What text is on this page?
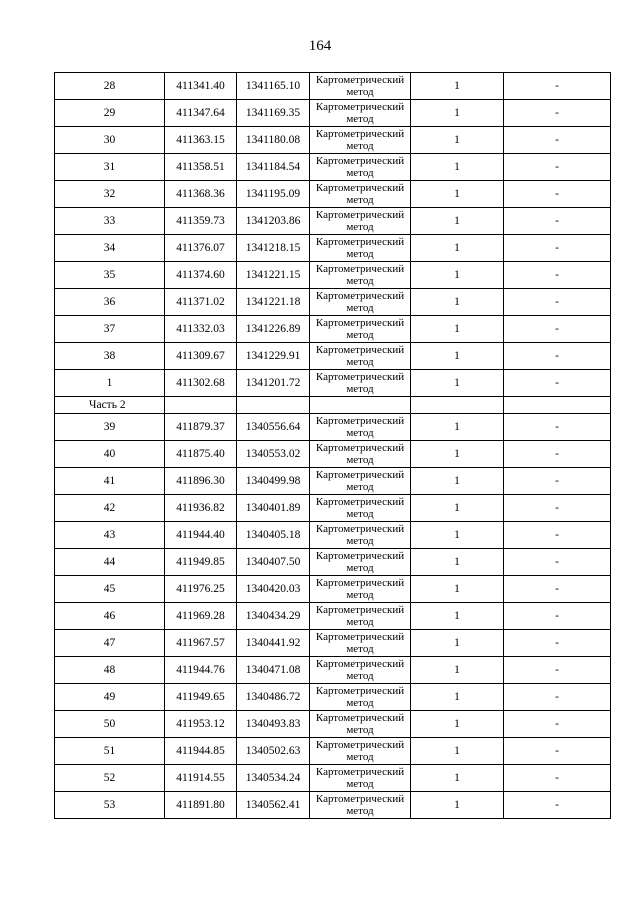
164
28	411341.40	1341165.10	Картометрический метод	1	-
29	411347.64	1341169.35	Картометрический метод	1	-
30	411363.15	1341180.08	Картометрический метод	1	-
31	411358.51	1341184.54	Картометрический метод	1	-
32	411368.36	1341195.09	Картометрический метод	1	-
33	411359.73	1341203.86	Картометрический метод	1	-
34	411376.07	1341218.15	Картометрический метод	1	-
35	411374.60	1341221.15	Картометрический метод	1	-
36	411371.02	1341221.18	Картометрический метод	1	-
37	411332.03	1341226.89	Картометрический метод	1	-
38	411309.67	1341229.91	Картометрический метод	1	-
1	411302.68	1341201.72	Картометрический метод	1	-
Часть 2					
39	411879.37	1340556.64	Картометрический метод	1	-
40	411875.40	1340553.02	Картометрический метод	1	-
41	411896.30	1340499.98	Картометрический метод	1	-
42	411936.82	1340401.89	Картометрический метод	1	-
43	411944.40	1340405.18	Картометрический метод	1	-
44	411949.85	1340407.50	Картометрический метод	1	-
45	411976.25	1340420.03	Картометрический метод	1	-
46	411969.28	1340434.29	Картометрический метод	1	-
47	411967.57	1340441.92	Картометрический метод	1	-
48	411944.76	1340471.08	Картометрический метод	1	-
49	411949.65	1340486.72	Картометрический метод	1	-
50	411953.12	1340493.83	Картометрический метод	1	-
51	411944.85	1340502.63	Картометрический метод	1	-
52	411914.55	1340534.24	Картометрический метод	1	-
53	411891.80	1340562.41	Картометрический метод	1	-
